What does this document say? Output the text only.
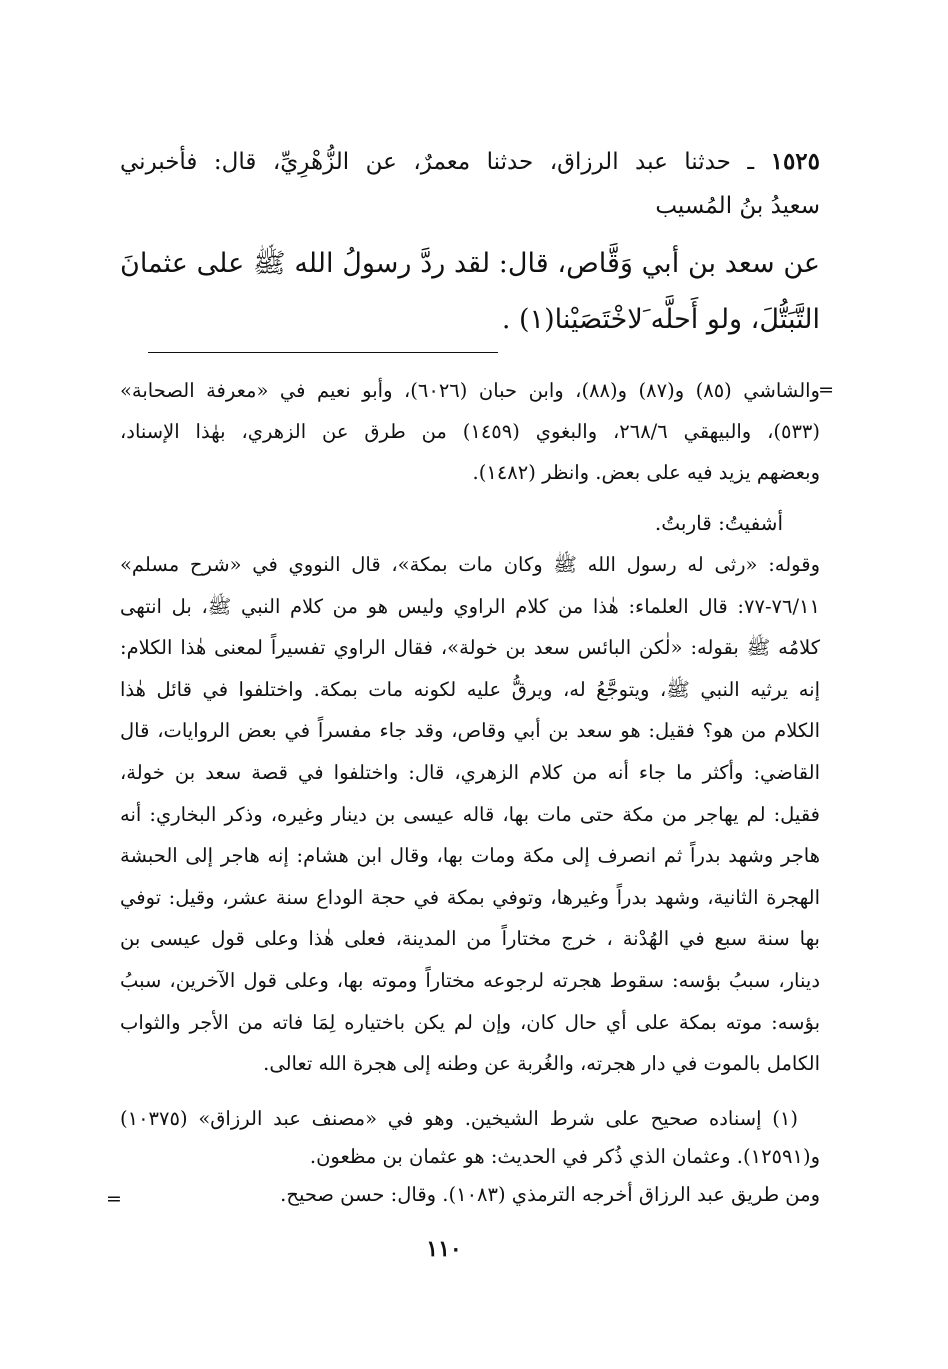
١٥٢٥ ـ حدثنا عبد الرزاق، حدثنا معمرٌ، عن الزُّهْرِيِّ، قال: فأخبرني
سعيدُ بنُ المُسيب
عن سعد بن أبي وَقَّاص، قال: لقد ردَّ رسولُ الله ﷺ على عثمانَ
التَّبَتُّلَ، ولو أَحلَّه َلاخْتَصَيْنا(١) .
=
والشاشي (٨٥) و(٨٧) و(٨٨)، وابن حبان (٦٠٢٦)، وأبو نعيم في «معرفة الصحابة»
(٥٣٣)، والبيهقي ٢٦٨/٦، والبغوي (١٤٥٩) من طرق عن الزهري، بهٰذا الإسناد،
وبعضهم يزيد فيه على بعض. وانظر (١٤٨٢).
أشفيتُ: قاربتُ.
وقوله: «رثى له رسول الله ﷺ وكان مات بمكة»، قال النووي في «شرح مسلم»
٧٦/١١-٧٧: قال العلماء: هٰذا من كلام الراوي وليس هو من كلام النبي ﷺ، بل انتهى
كلامُه ﷺ بقوله: «لٰكن البائس سعد بن خولة»، فقال الراوي تفسيراً لمعنى هٰذا الكلام:
إنه يرثيه النبي ﷺ، ويتوجَّعُ له، ويرقُّ عليه لكونه مات بمكة. واختلفوا في قائل هٰذا
الكلام من هو؟ فقيل: هو سعد بن أبي وقاص، وقد جاء مفسراً في بعض الروايات، قال
القاضي: وأكثر ما جاء أنه من كلام الزهري، قال: واختلفوا في قصة سعد بن خولة،
فقيل: لم يهاجر من مكة حتى مات بها، قاله عيسى بن دينار وغيره، وذكر البخاري: أنه
هاجر وشهد بدراً ثم انصرف إلى مكة ومات بها، وقال ابن هشام: إنه هاجر إلى الحبشة
الهجرة الثانية، وشهد بدراً وغيرها، وتوفي بمكة في حجة الوداع سنة عشر، وقيل: توفي
بها سنة سبع في الهُدْنة ، خرج مختاراً من المدينة، فعلى هٰذا وعلى قول عيسى بن
دينار، سببُ بؤسه: سقوط هجرته لرجوعه مختاراً وموته بها، وعلى قول الآخرين، سببُ
بؤسه: موته بمكة على أي حال كان، وإن لم يكن باختياره لِمَا فاته من الأجر والثواب
الكامل بالموت في دار هجرته، والغُربة عن وطنه إلى هجرة الله تعالى.
(١) إسناده صحيح على شرط الشيخين. وهو في «مصنف عبد الرزاق» (١٠٣٧٥)
و(١٢٥٩١). وعثمان الذي ذُكر في الحديث: هو عثمان بن مظعون.
ومن طريق عبد الرزاق أخرجه الترمذي (١٠٨٣). وقال: حسن صحيح.
=
١١٠
